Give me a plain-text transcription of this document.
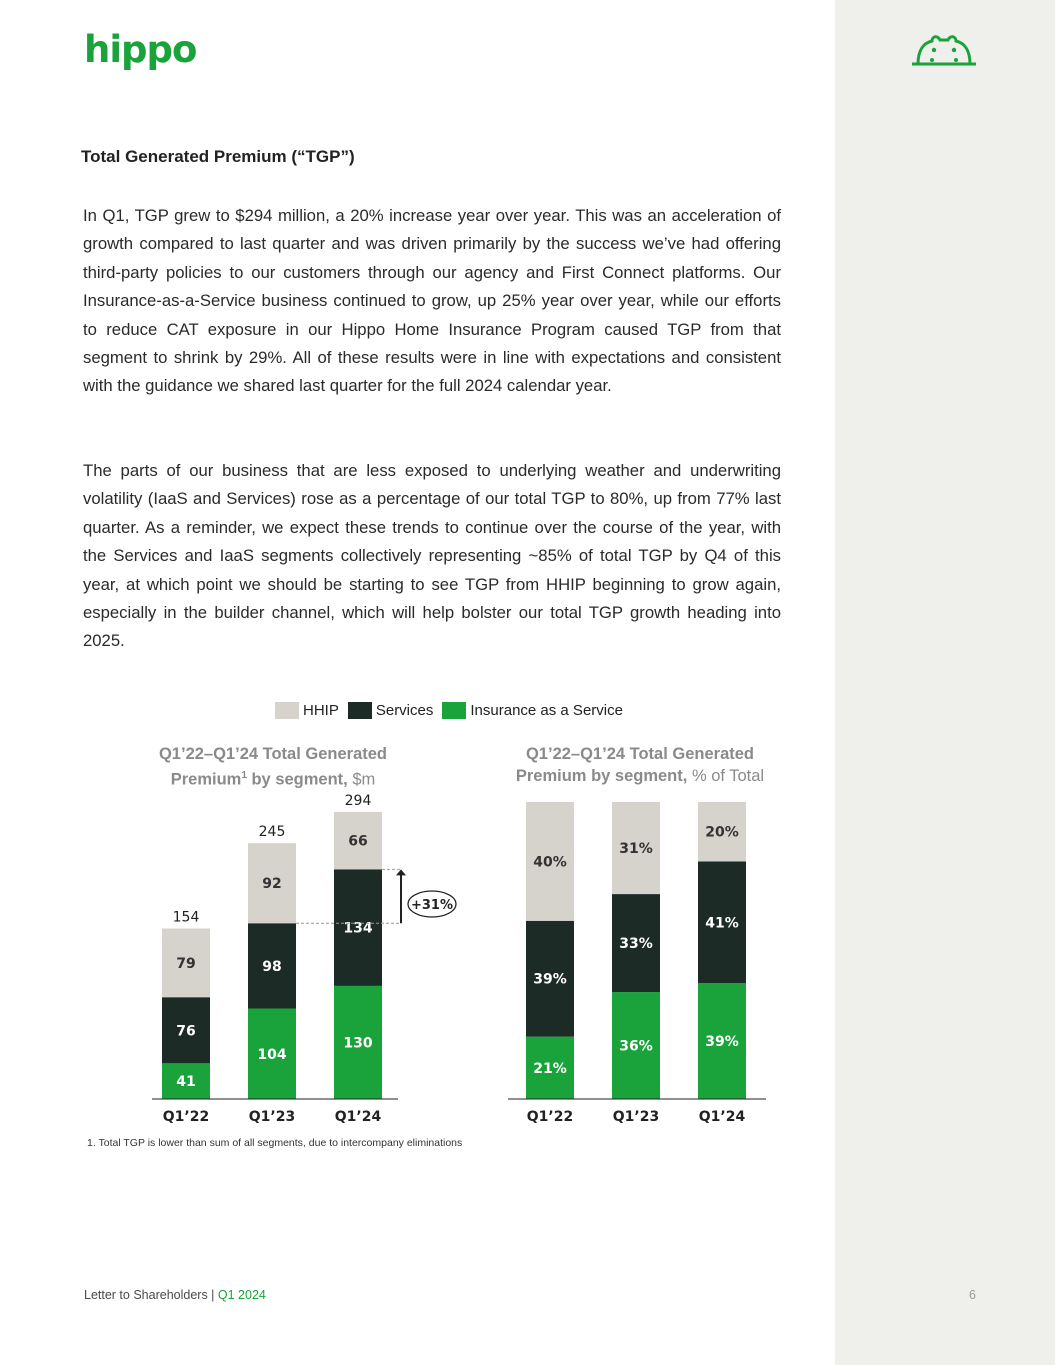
hippo
Total Generated Premium (“TGP”)

In Q1, TGP grew to $294 million, a 20% increase year over year. This was an acceleration of growth compared to last quarter and was driven primarily by the success we’ve had offering third-party policies to our customers through our agency and First Connect platforms. Our Insurance-as-a-Service business continued to grow, up 25% year over year, while our efforts to reduce CAT exposure in our Hippo Home Insurance Program caused TGP from that segment to shrink by 29%. All of these results were in line with expectations and consistent with the guidance we shared last quarter for the full 2024 calendar year.

The parts of our business that are less exposed to underlying weather and underwriting volatility (IaaS and Services) rose as a percentage of our total TGP to 80%, up from 77% last quarter. As a reminder, we expect these trends to continue over the course of the year, with the Services and IaaS segments collectively representing ~85% of total TGP by Q4 of this year, at which point we should be starting to see TGP from HHIP beginning to grow again, especially in the builder channel, which will help bolster our total TGP growth heading into 2025.

HHIP Services Insurance as a Service
Q1’22–Q1’24 Total Generated Premium$^1$ by segment, $m
Q1’22–Q1’24 Total Generated Premium by segment, % of Total
41
76
79
154
Q1’22
104
98
92
245
Q1’23
130
134
66
294
Q1’24
+31%
21%
39%
40%
Q1’22
36%
33%
31%
Q1’23
39%
41%
20%
Q1’24
1. Total TGP is lower than sum of all segments, due to intercompany eliminations
Letter to Shareholders | Q1 2024	6
